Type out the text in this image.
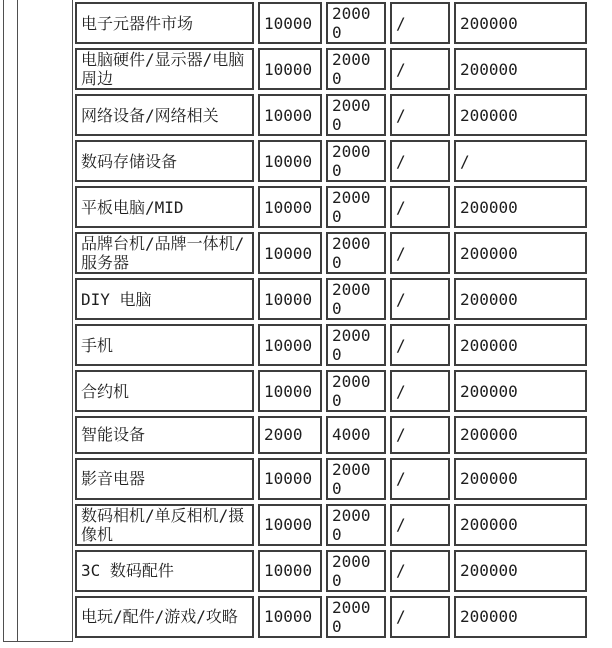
电子元器件市场	10000	20000	/	200000
电脑硬件/显示器/电脑周边	10000	20000	/	200000
网络设备/网络相关	10000	20000	/	200000
数码存储设备	10000	20000	/	/
平板电脑/MID	10000	20000	/	200000
品牌台机/品牌一体机/服务器	10000	20000	/	200000
DIY 电脑	10000	20000	/	200000
手机	10000	20000	/	200000
合约机	10000	20000	/	200000
智能设备	2000	4000	/	200000
影音电器	10000	20000	/	200000
数码相机/单反相机/摄像机	10000	20000	/	200000
3C 数码配件	10000	20000	/	200000
电玩/配件/游戏/攻略	10000	20000	/	200000
